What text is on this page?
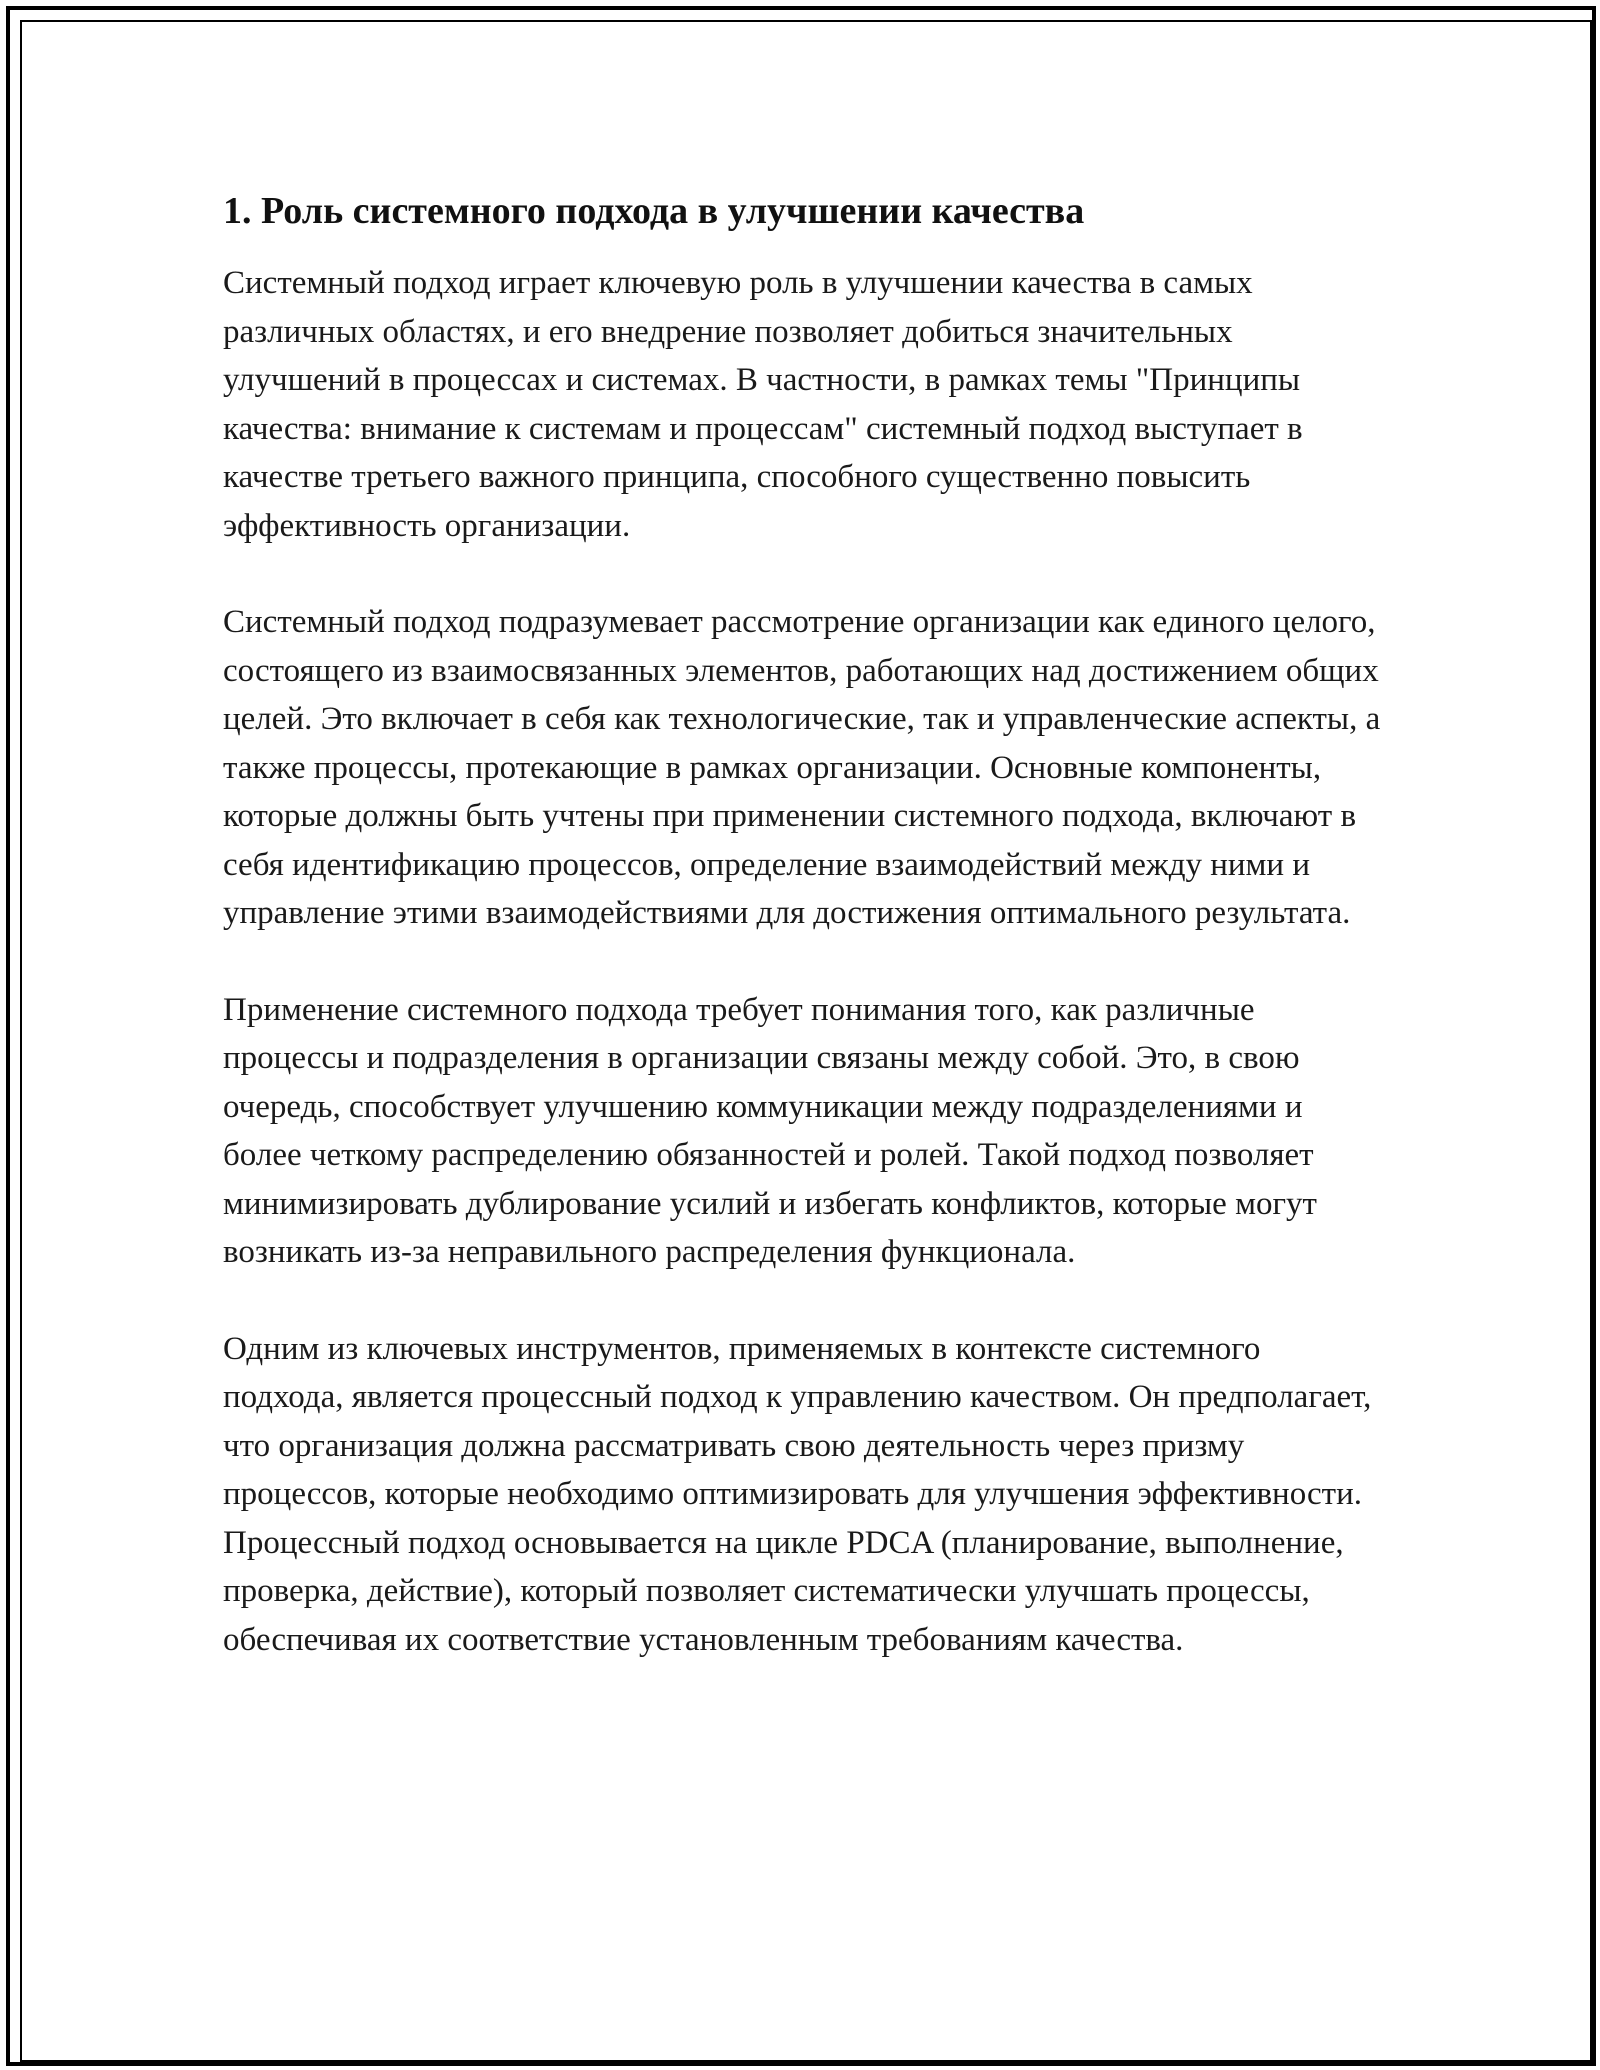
1. Роль системного подхода в улучшении качества

Системный подход играет ключевую роль в улучшении качества в самых различных областях, и его внедрение позволяет добиться значительных улучшений в процессах и системах. В частности, в рамках темы "Принципы качества: внимание к системам и процессам" системный подход выступает в качестве третьего важного принципа, способного существенно повысить эффективность организации.

Системный подход подразумевает рассмотрение организации как единого целого, состоящего из взаимосвязанных элементов, работающих над достижением общих целей. Это включает в себя как технологические, так и управленческие аспекты, а также процессы, протекающие в рамках организации. Основные компоненты, которые должны быть учтены при применении системного подхода, включают в себя идентификацию процессов, определение взаимодействий между ними и управление этими взаимодействиями для достижения оптимального результата.

Применение системного подхода требует понимания того, как различные процессы и подразделения в организации связаны между собой. Это, в свою очередь, способствует улучшению коммуникации между подразделениями и более четкому распределению обязанностей и ролей. Такой подход позволяет минимизировать дублирование усилий и избегать конфликтов, которые могут возникать из-за неправильного распределения функционала.

Одним из ключевых инструментов, применяемых в контексте системного подхода, является процессный подход к управлению качеством. Он предполагает, что организация должна рассматривать свою деятельность через призму процессов, которые необходимо оптимизировать для улучшения эффективности. Процессный подход основывается на цикле PDCA (планирование, выполнение, проверка, действие), который позволяет систематически улучшать процессы, обеспечивая их соответствие установленным требованиям качества.
